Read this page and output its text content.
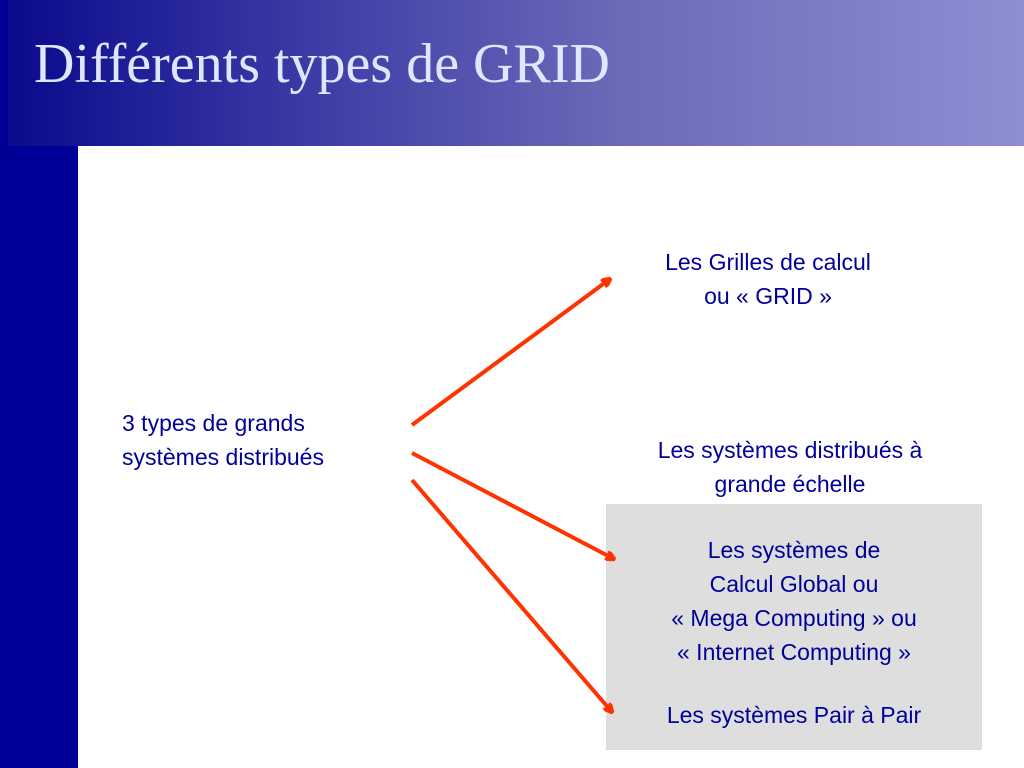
Différents types de GRID
3 types de grands
systèmes distribués
Les Grilles de calcul
ou « GRID »
Les systèmes distribués à
grande échelle
Les systèmes de
Calcul Global ou
« Mega Computing » ou
« Internet Computing »
Les systèmes Pair à Pair
22 Novembre 2001	Réunion ACI GRID CGP2P	9
